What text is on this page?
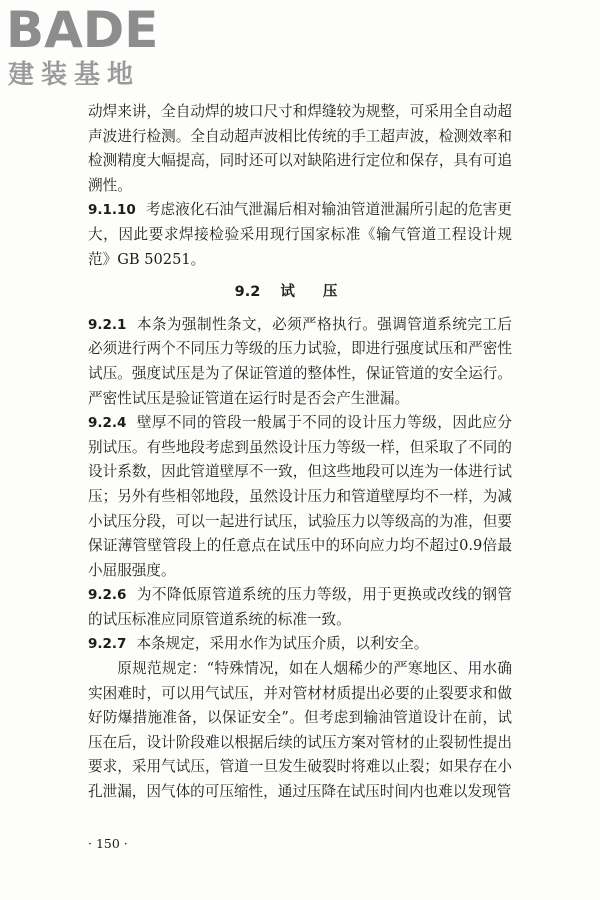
BADE
建装基地

动焊来讲，全自动焊的坡口尺寸和焊缝较为规整，可采用全自动超声波进行检测。全自动超声波相比传统的手工超声波，检测效率和检测精度大幅提高，同时还可以对缺陷进行定位和保存，具有可追溯性。

9.1.10 考虑液化石油气泄漏后相对输油管道泄漏所引起的危害更大，因此要求焊接检验采用现行国家标准《输气管道工程设计规范》GB 50251。

9.2 试压

9.2.1 本条为强制性条文，必须严格执行。强调管道系统完工后必须进行两个不同压力等级的压力试验，即进行强度试压和严密性试压。强度试压是为了保证管道的整体性，保证管道的安全运行。严密性试压是验证管道在运行时是否会产生泄漏。

9.2.4 壁厚不同的管段一般属于不同的设计压力等级，因此应分别试压。有些地段考虑到虽然设计压力等级一样，但采取了不同的设计系数，因此管道壁厚不一致，但这些地段可以连为一体进行试压；另外有些相邻地段，虽然设计压力和管道壁厚均不一样，为减小试压分段，可以一起进行试压，试验压力以等级高的为准，但要保证薄管壁管段上的任意点在试压中的环向应力均不超过0.9倍最小屈服强度。

9.2.6 为不降低原管道系统的压力等级，用于更换或改线的钢管的试压标准应同原管道系统的标准一致。

9.2.7 本条规定，采用水作为试压介质，以利安全。

原规范规定：“特殊情况，如在人烟稀少的严寒地区、用水确实困难时，可以用气试压，并对管材材质提出必要的止裂要求和做好防爆措施准备，以保证安全”。但考虑到输油管道设计在前，试压在后，设计阶段难以根据后续的试压方案对管材的止裂韧性提出要求，采用气试压，管道一旦发生破裂时将难以止裂；如果存在小孔泄漏，因气体的可压缩性，通过压降在试压时间内也难以发现管

· 150 ·
